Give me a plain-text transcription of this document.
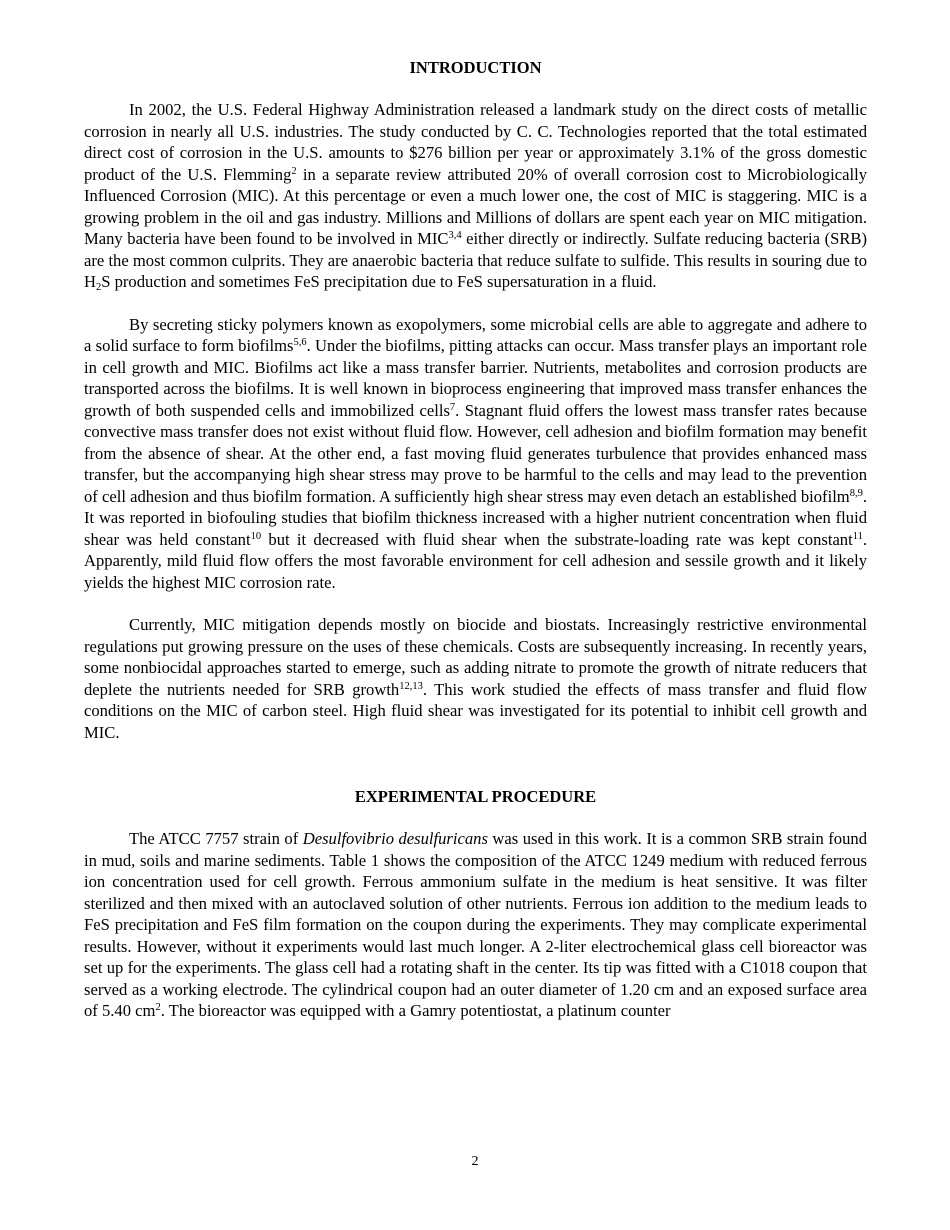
INTRODUCTION

In 2002, the U.S. Federal Highway Administration released a landmark study on the direct costs of metallic corrosion in nearly all U.S. industries. The study conducted by C. C. Technologies reported that the total estimated direct cost of corrosion in the U.S. amounts to $276 billion per year or approximately 3.1% of the gross domestic product of the U.S. Flemming$^2$ in a separate review attributed 20% of overall corrosion cost to Microbiologically Influenced Corrosion (MIC). At this percentage or even a much lower one, the cost of MIC is staggering. MIC is a growing problem in the oil and gas industry. Millions and Millions of dollars are spent each year on MIC mitigation. Many bacteria have been found to be involved in MIC$^{3,4}$ either directly or indirectly. Sulfate reducing bacteria (SRB) are the most common culprits. They are anaerobic bacteria that reduce sulfate to sulfide. This results in souring due to $H_2S$ production and sometimes FeS precipitation due to FeS supersaturation in a fluid.

By secreting sticky polymers known as exopolymers, some microbial cells are able to aggregate and adhere to a solid surface to form biofilms$^{5,6}$. Under the biofilms, pitting attacks can occur. Mass transfer plays an important role in cell growth and MIC. Biofilms act like a mass transfer barrier. Nutrients, metabolites and corrosion products are transported across the biofilms. It is well known in bioprocess engineering that improved mass transfer enhances the growth of both suspended cells and immobilized cells$^7$. Stagnant fluid offers the lowest mass transfer rates because convective mass transfer does not exist without fluid flow. However, cell adhesion and biofilm formation may benefit from the absence of shear. At the other end, a fast moving fluid generates turbulence that provides enhanced mass transfer, but the accompanying high shear stress may prove to be harmful to the cells and may lead to the prevention of cell adhesion and thus biofilm formation. A sufficiently high shear stress may even detach an established biofilm$^{8,9}$. It was reported in biofouling studies that biofilm thickness increased with a higher nutrient concentration when fluid shear was held constant$^{10}$ but it decreased with fluid shear when the substrate-loading rate was kept constant$^{11}$. Apparently, mild fluid flow offers the most favorable environment for cell adhesion and sessile growth and it likely yields the highest MIC corrosion rate.

Currently, MIC mitigation depends mostly on biocide and biostats. Increasingly restrictive environmental regulations put growing pressure on the uses of these chemicals. Costs are subsequently increasing. In recently years, some nonbiocidal approaches started to emerge, such as adding nitrate to promote the growth of nitrate reducers that deplete the nutrients needed for SRB growth$^{12,13}$. This work studied the effects of mass transfer and fluid flow conditions on the MIC of carbon steel. High fluid shear was investigated for its potential to inhibit cell growth and MIC.

EXPERIMENTAL PROCEDURE

The ATCC 7757 strain of Desulfovibrio desulfuricans was used in this work. It is a common SRB strain found in mud, soils and marine sediments. Table 1 shows the composition of the ATCC 1249 medium with reduced ferrous ion concentration used for cell growth. Ferrous ammonium sulfate in the medium is heat sensitive. It was filter sterilized and then mixed with an autoclaved solution of other nutrients. Ferrous ion addition to the medium leads to FeS precipitation and FeS film formation on the coupon during the experiments. They may complicate experimental results. However, without it experiments would last much longer. A 2-liter electrochemical glass cell bioreactor was set up for the experiments. The glass cell had a rotating shaft in the center. Its tip was fitted with a C1018 coupon that served as a working electrode. The cylindrical coupon had an outer diameter of 1.20 cm and an exposed surface area of 5.40 $cm^2$. The bioreactor was equipped with a Gamry potentiostat, a platinum counter

2
